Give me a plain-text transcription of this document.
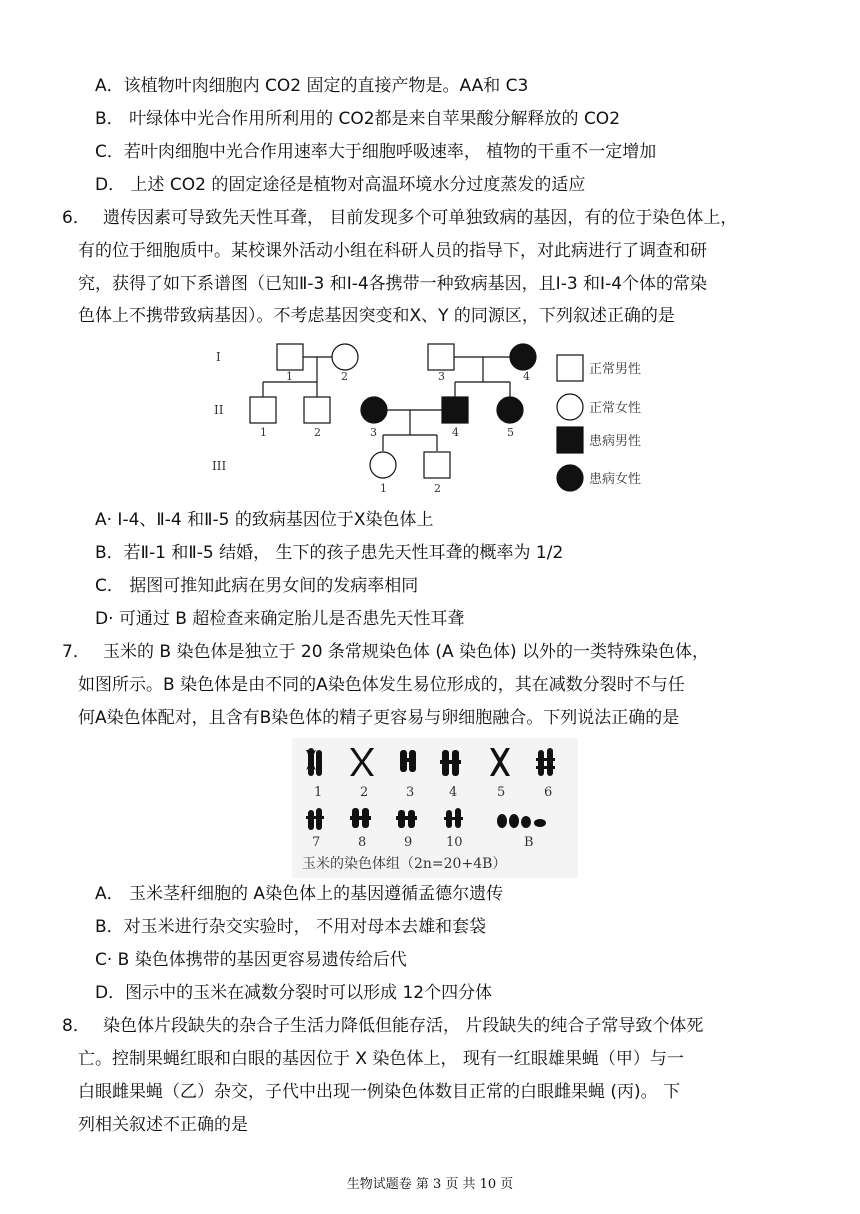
A．该植物叶肉细胞内 CO2 固定的直接产物是。AA和 C3
B． 叶绿体中光合作用所利用的 CO2都是来自苹果酸分解释放的 CO2
C．若叶肉细胞中光合作用速率大于细胞呼吸速率， 植物的干重不一定增加
D． 上述 CO2 的固定途径是植物对高温环境水分过度蒸发的适应
6． 遗传因素可导致先天性耳聋， 目前发现多个可单独致病的基因，有的位于染色体上，
有的位于细胞质中。某校课外活动小组在科研人员的指导下，对此病进行了调查和研
究，获得了如下系谱图（已知Ⅱ-3 和Ⅰ-4各携带一种致病基因，且Ⅰ-3 和Ⅰ-4个体的常染
色体上不携带致病基因）。不考虑基因突变和X、Y 的同源区，下列叙述正确的是
I
II
III
1	2	3	4
1	2	3	4	5
1	2
正常男性
正常女性
患病男性
患病女性
A· Ⅰ-4、Ⅱ-4 和Ⅱ-5 的致病基因位于X染色体上
B．若Ⅱ-1 和Ⅱ-5 结婚， 生下的孩子患先天性耳聋的概率为 1/2
C． 据图可推知此病在男女间的发病率相同
D· 可通过 B 超检查来确定胎儿是否患先天性耳聋
7． 玉米的 B 染色体是独立于 20 条常规染色体 (A 染色体) 以外的一类特殊染色体，
如图所示。B 染色体是由不同的A染色体发生易位形成的，其在减数分裂时不与任
何A染色体配对，且含有B染色体的精子更容易与卵细胞融合。下列说法正确的是
1	2	3	4	5	6
7	8	9	10	B
玉米的染色体组（2n=20+4B）
A． 玉米茎秆细胞的 A染色体上的基因遵循孟德尔遗传
B．对玉米进行杂交实验时， 不用对母本去雄和套袋
C· B 染色体携带的基因更容易遗传给后代
D．图示中的玉米在减数分裂时可以形成 12个四分体
8． 染色体片段缺失的杂合子生活力降低但能存活， 片段缺失的纯合子常导致个体死
亡。控制果蝇红眼和白眼的基因位于 X 染色体上， 现有一红眼雄果蝇（甲）与一
白眼雌果蝇（乙）杂交，子代中出现一例染色体数目正常的白眼雌果蝇 (丙)。 下
列相关叙述不正确的是
生物试题卷 第 3 页 共 10 页
